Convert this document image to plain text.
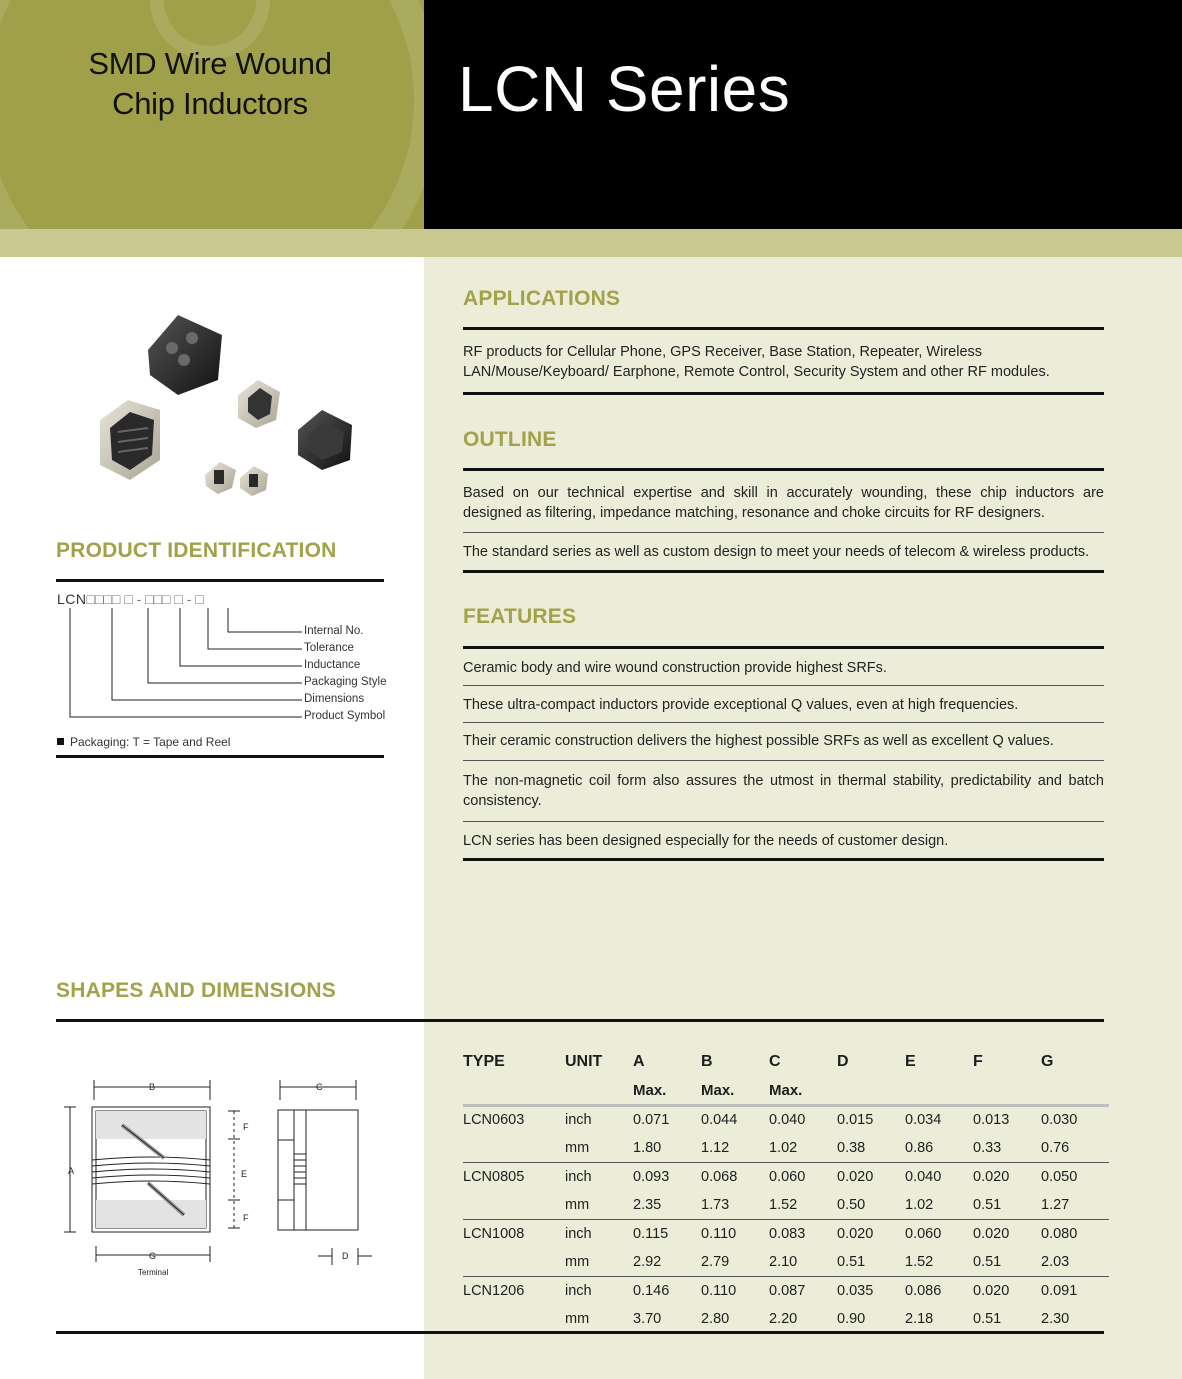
SMD Wire Wound
Chip Inductors	LCN Series
PRODUCT IDENTIFICATION
LCN□□□□ □ - □□□ □ - □
Internal No.
Tolerance
Inductance
Packaging Style
Dimensions
Product Symbol
Packaging: T = Tape and Reel
APPLICATIONS
RF products for Cellular Phone, GPS Receiver, Base Station, Repeater, Wireless LAN/Mouse/Keyboard/ Earphone, Remote Control, Security System and other RF modules.
OUTLINE
Based on our technical expertise and skill in accurately wounding, these chip inductors are designed as filtering, impedance matching, resonance and choke circuits for RF designers.
The standard series as well as custom design to meet your needs of telecom & wireless products.
FEATURES
Ceramic body and wire wound construction provide highest SRFs.
These ultra-compact inductors provide exceptional Q values, even at high frequencies.
Their ceramic construction delivers the highest possible SRFs as well as excellent Q values.
The non-magnetic coil form also assures the utmost in thermal stability, predictability and batch consistency.
LCN series has been designed especially for the needs of customer design.
SHAPES AND DIMENSIONS
A
B	C
D
E
F
F
G
Terminal
TYPE	UNIT	A	B	C	D	E	F	G
		Max.	Max.	Max.				
LCN0603	inch	0.071	0.044	0.040	0.015	0.034	0.013	0.030
	mm	1.80	1.12	1.02	0.38	0.86	0.33	0.76
LCN0805	inch	0.093	0.068	0.060	0.020	0.040	0.020	0.050
	mm	2.35	1.73	1.52	0.50	1.02	0.51	1.27
LCN1008	inch	0.115	0.110	0.083	0.020	0.060	0.020	0.080
	mm	2.92	2.79	2.10	0.51	1.52	0.51	2.03
LCN1206	inch	0.146	0.110	0.087	0.035	0.086	0.020	0.091
	mm	3.70	2.80	2.20	0.90	2.18	0.51	2.30
